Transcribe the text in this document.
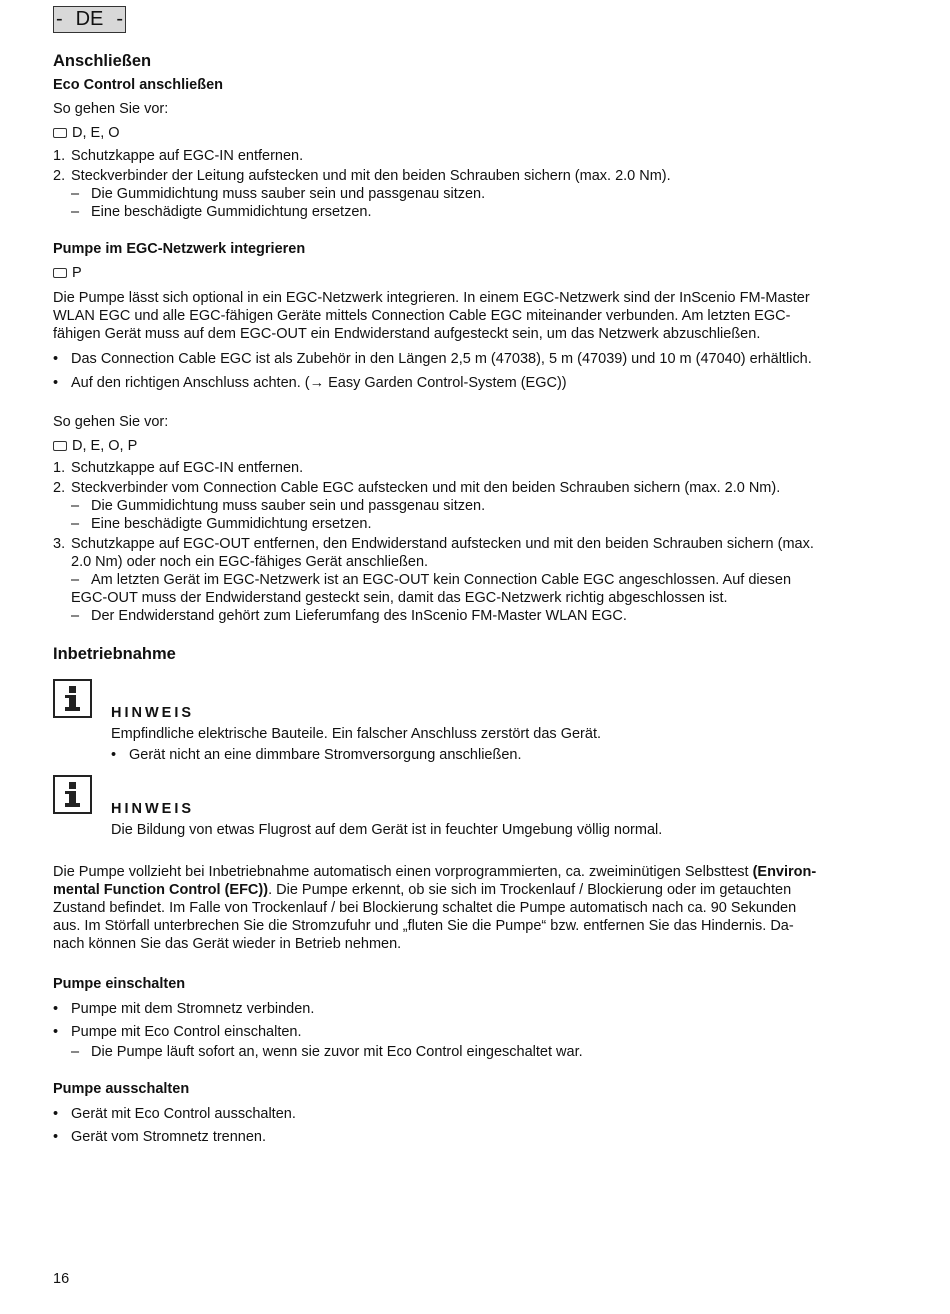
- DE -
Anschließen
Eco Control anschließen
So gehen Sie vor:
D, E, O
1. Schutzkappe auf EGC-IN entfernen.
2. Steckverbinder der Leitung aufstecken und mit den beiden Schrauben sichern (max. 2.0 Nm).
– Die Gummidichtung muss sauber sein und passgenau sitzen.
– Eine beschädigte Gummidichtung ersetzen.
Pumpe im EGC-Netzwerk integrieren
P
Die Pumpe lässt sich optional in ein EGC-Netzwerk integrieren. In einem EGC-Netzwerk sind der InScenio FM-Master
WLAN EGC und alle EGC-fähigen Geräte mittels Connection Cable EGC miteinander verbunden. Am letzten EGC-
fähigen Gerät muss auf dem EGC-OUT ein Endwiderstand aufgesteckt sein, um das Netzwerk abzuschließen.
• Das Connection Cable EGC ist als Zubehör in den Längen 2,5 m (47038), 5 m (47039) und 10 m (47040) erhältlich.
• Auf den richtigen Anschluss achten. (→ Easy Garden Control-System (EGC))
So gehen Sie vor:
D, E, O, P
1. Schutzkappe auf EGC-IN entfernen.
2. Steckverbinder vom Connection Cable EGC aufstecken und mit den beiden Schrauben sichern (max. 2.0 Nm).
– Die Gummidichtung muss sauber sein und passgenau sitzen.
– Eine beschädigte Gummidichtung ersetzen.
3. Schutzkappe auf EGC-OUT entfernen, den Endwiderstand aufstecken und mit den beiden Schrauben sichern (max.
2.0 Nm) oder noch ein EGC-fähiges Gerät anschließen.
– Am letzten Gerät im EGC-Netzwerk ist an EGC-OUT kein Connection Cable EGC angeschlossen. Auf diesen
EGC-OUT muss der Endwiderstand gesteckt sein, damit das EGC-Netzwerk richtig abgeschlossen ist.
– Der Endwiderstand gehört zum Lieferumfang des InScenio FM-Master WLAN EGC.
Inbetriebnahme
HINWEIS
Empfindliche elektrische Bauteile. Ein falscher Anschluss zerstört das Gerät.
• Gerät nicht an eine dimmbare Stromversorgung anschließen.
HINWEIS
Die Bildung von etwas Flugrost auf dem Gerät ist in feuchter Umgebung völlig normal.
Die Pumpe vollzieht bei Inbetriebnahme automatisch einen vorprogrammierten, ca. zweiminütigen Selbsttest (Environ-
mental Function Control (EFC)). Die Pumpe erkennt, ob sie sich im Trockenlauf / Blockierung oder im getauchten
Zustand befindet. Im Falle von Trockenlauf / bei Blockierung schaltet die Pumpe automatisch nach ca. 90 Sekunden
aus. Im Störfall unterbrechen Sie die Stromzufuhr und „fluten Sie die Pumpe“ bzw. entfernen Sie das Hindernis. Da-
nach können Sie das Gerät wieder in Betrieb nehmen.
Pumpe einschalten
• Pumpe mit dem Stromnetz verbinden.
• Pumpe mit Eco Control einschalten.
– Die Pumpe läuft sofort an, wenn sie zuvor mit Eco Control eingeschaltet war.
Pumpe ausschalten
• Gerät mit Eco Control ausschalten.
• Gerät vom Stromnetz trennen.
16
